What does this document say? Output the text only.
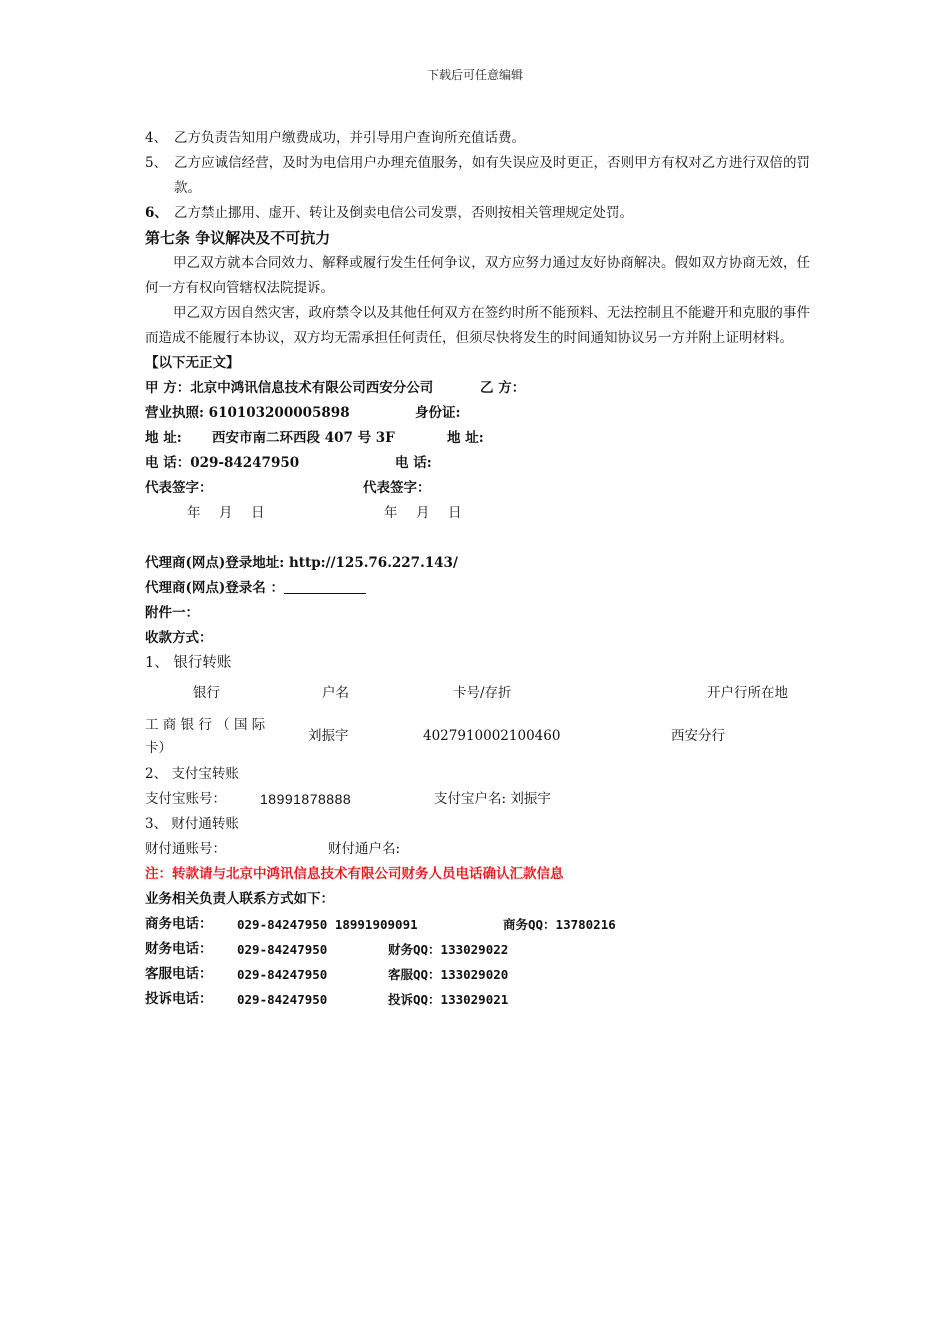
下载后可任意编辑
4、 乙方负责告知用户缴费成功，并引导用户查询所充值话费。
5、 乙方应诚信经营，及时为电信用户办理充值服务，如有失误应及时更正，否则甲方有权对乙方进行双倍的罚款。
6、 乙方禁止挪用、虚开、转让及倒卖电信公司发票，否则按相关管理规定处罚。
第七条 争议解决及不可抗力
甲乙双方就本合同效力、解释或履行发生任何争议，双方应努力通过友好协商解决。假如双方协商无效，任何一方有权向管辖权法院提诉。
甲乙双方因自然灾害，政府禁令以及其他任何双方在签约时所不能预料、无法控制且不能避开和克服的事件而造成不能履行本协议，双方均无需承担任何责任，但须尽快将发生的时间通知协议另一方并附上证明材料。
【以下无正文】
甲 方：北京中鸿讯信息技术有限公司西安分公司	乙 方：
营业执照: 610103200005898	身份证:
地 址: 西安市南二环西段 407 号 3F	地 址:
电 话：029-84247950	电 话:
代表签字：	代表签字：
年 月 日	年 月 日
代理商(网点)登录地址: http://125.76.227.143/
代理商(网点)登录名 ：
附件一：
收款方式：
1、 银行转账
银行	户名	卡号/存折	开户行所在地
工 商 银 行 （ 国 际
卡）
刘振宇	4027910002100460	西安分行
2、 支付宝转账
支付宝账号： 18991878888	支付宝户名: 刘振宇
3、 财付通转账
财付通账号：	财付通户名:
注：转款请与北京中鸿讯信息技术有限公司财务人员电话确认汇款信息
业务相关负责人联系方式如下：
商务电话： 029-84247950 18991909091	商务QQ：13780216
财务电话： 029-84247950	财务QQ：133029022
客服电话： 029-84247950	客服QQ：133029020
投诉电话： 029-84247950	投诉QQ：133029021
